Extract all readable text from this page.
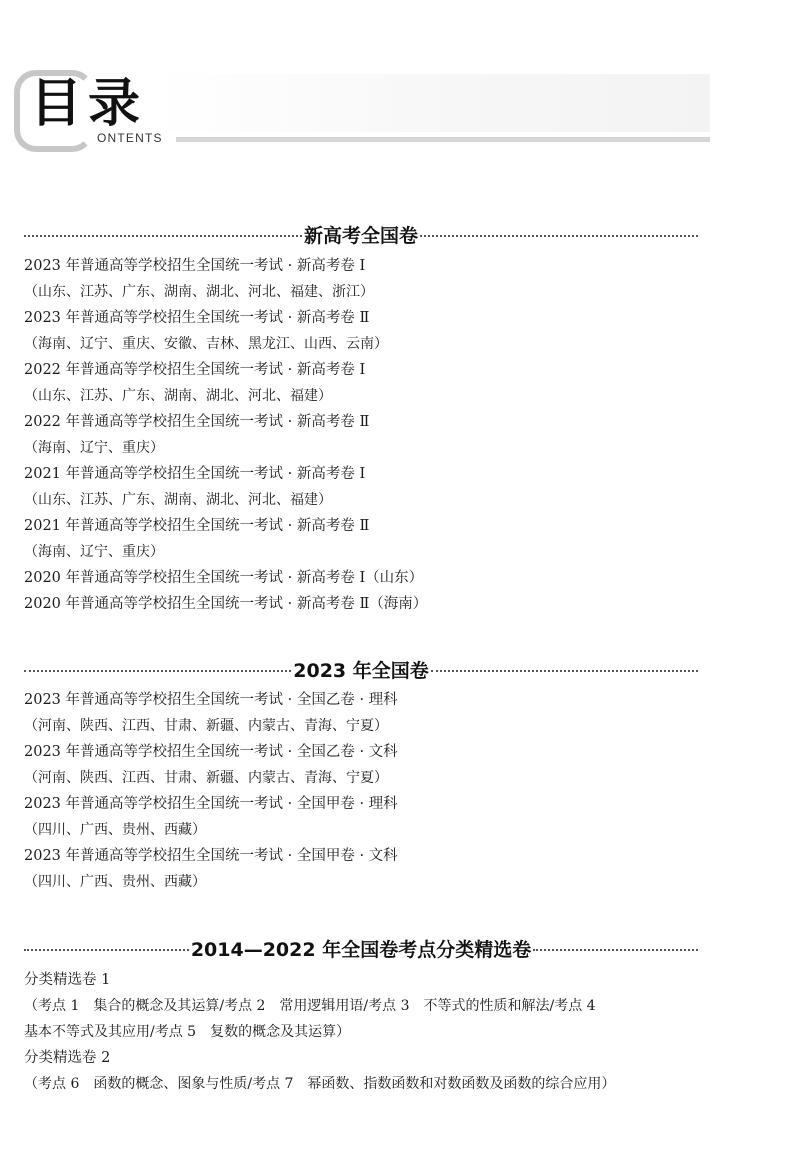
目录
ONTENTS
新高考全国卷
2023 年普通高等学校招生全国统一考试 · 新高考卷 Ⅰ
（山东、江苏、广东、湖南、湖北、河北、福建、浙江）
2023 年普通高等学校招生全国统一考试 · 新高考卷 Ⅱ
（海南、辽宁、重庆、安徽、吉林、黑龙江、山西、云南）
2022 年普通高等学校招生全国统一考试 · 新高考卷 Ⅰ
（山东、江苏、广东、湖南、湖北、河北、福建）
2022 年普通高等学校招生全国统一考试 · 新高考卷 Ⅱ
（海南、辽宁、重庆）
2021 年普通高等学校招生全国统一考试 · 新高考卷 Ⅰ
（山东、江苏、广东、湖南、湖北、河北、福建）
2021 年普通高等学校招生全国统一考试 · 新高考卷 Ⅱ
（海南、辽宁、重庆）
2020 年普通高等学校招生全国统一考试 · 新高考卷 Ⅰ（山东）
2020 年普通高等学校招生全国统一考试 · 新高考卷 Ⅱ（海南）
2023 年全国卷
2023 年普通高等学校招生全国统一考试 · 全国乙卷 · 理科
（河南、陕西、江西、甘肃、新疆、内蒙古、青海、宁夏）
2023 年普通高等学校招生全国统一考试 · 全国乙卷 · 文科
（河南、陕西、江西、甘肃、新疆、内蒙古、青海、宁夏）
2023 年普通高等学校招生全国统一考试 · 全国甲卷 · 理科
（四川、广西、贵州、西藏）
2023 年普通高等学校招生全国统一考试 · 全国甲卷 · 文科
（四川、广西、贵州、西藏）
2014—2022 年全国卷考点分类精选卷
分类精选卷 1
（考点 1　集合的概念及其运算/考点 2　常用逻辑用语/考点 3　不等式的性质和解法/考点 4
基本不等式及其应用/考点 5　复数的概念及其运算）
分类精选卷 2
（考点 6　函数的概念、图象与性质/考点 7　幂函数、指数函数和对数函数及函数的综合应用）
